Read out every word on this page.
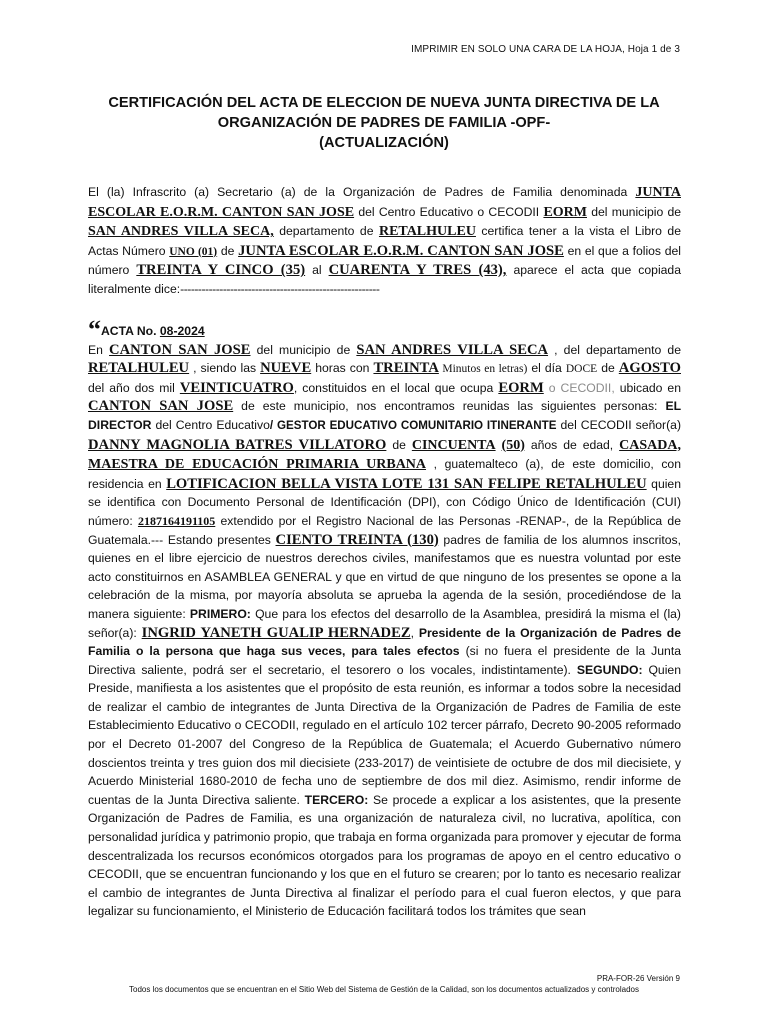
IMPRIMIR EN SOLO UNA CARA DE LA HOJA, Hoja 1 de 3
CERTIFICACIÓN DEL ACTA DE ELECCION DE NUEVA JUNTA DIRECTIVA DE LA
ORGANIZACIÓN DE PADRES DE FAMILIA -OPF-
(ACTUALIZACIÓN)
El (la) Infrascrito (a) Secretario (a) de la Organización de Padres de Familia denominada JUNTA ESCOLAR E.O.R.M. CANTON SAN JOSE del Centro Educativo o CECODII EORM del municipio de SAN ANDRES VILLA SECA, departamento de RETALHULEU certifica tener a la vista el Libro de Actas Número UNO (01) de JUNTA ESCOLAR E.O.R.M. CANTON SAN JOSE en el que a folios del número TREINTA Y CINCO (35) al CUARENTA Y TRES (43), aparece el acta que copiada literalmente dice:--------------------------------------------------------
“ACTA No. 08-2024
En CANTON SAN JOSE del municipio de SAN ANDRES VILLA SECA , del departamento de RETALHULEU , siendo las NUEVE horas con TREINTA Minutos en letras) el día DOCE de AGOSTO del año dos mil VEINTICUATRO, constituidos en el local que ocupa EORM o CECODII, ubicado en CANTON SAN JOSE de este municipio, nos encontramos reunidas las siguientes personas: EL DIRECTOR del Centro Educativo/ GESTOR EDUCATIVO COMUNITARIO ITINERANTE del CECODII señor(a) DANNY MAGNOLIA BATRES VILLATORO de CINCUENTA (50) años de edad, CASADA, MAESTRA DE EDUCACIÓN PRIMARIA URBANA , guatemalteco (a), de este domicilio, con residencia en LOTIFICACION BELLA VISTA LOTE 131 SAN FELIPE RETALHULEU quien se identifica con Documento Personal de Identificación (DPI), con Código Único de Identificación (CUI) número: 2187164191105 extendido por el Registro Nacional de las Personas -RENAP-, de la República de Guatemala.--- Estando presentes CIENTO TREINTA (130) padres de familia de los alumnos inscritos, quienes en el libre ejercicio de nuestros derechos civiles, manifestamos que es nuestra voluntad por este acto constituirnos en ASAMBLEA GENERAL y que en virtud de que ninguno de los presentes se opone a la celebración de la misma, por mayoría absoluta se aprueba la agenda de la sesión, procediéndose de la manera siguiente: PRIMERO: Que para los efectos del desarrollo de la Asamblea, presidirá la misma el (la) señor(a): INGRID YANETH GUALIP HERNADEZ, Presidente de la Organización de Padres de Familia o la persona que haga sus veces, para tales efectos (si no fuera el presidente de la Junta Directiva saliente, podrá ser el secretario, el tesorero o los vocales, indistintamente). SEGUNDO: Quien Preside, manifiesta a los asistentes que el propósito de esta reunión, es informar a todos sobre la necesidad de realizar el cambio de integrantes de Junta Directiva de la Organización de Padres de Familia de este Establecimiento Educativo o CECODII, regulado en el artículo 102 tercer párrafo, Decreto 90-2005 reformado por el Decreto 01-2007 del Congreso de la República de Guatemala; el Acuerdo Gubernativo número doscientos treinta y tres guion dos mil diecisiete (233-2017) de veintisiete de octubre de dos mil diecisiete, y Acuerdo Ministerial 1680-2010 de fecha uno de septiembre de dos mil diez. Asimismo, rendir informe de cuentas de la Junta Directiva saliente. TERCERO: Se procede a explicar a los asistentes, que la presente Organización de Padres de Familia, es una organización de naturaleza civil, no lucrativa, apolítica, con personalidad jurídica y patrimonio propio, que trabaja en forma organizada para promover y ejecutar de forma descentralizada los recursos económicos otorgados para los programas de apoyo en el centro educativo o CECODII, que se encuentran funcionando y los que en el futuro se crearen; por lo tanto es necesario realizar el cambio de integrantes de Junta Directiva al finalizar el período para el cual fueron electos, y que para legalizar su funcionamiento, el Ministerio de Educación facilitará todos los trámites que sean
PRA-FOR-26 Versión 9
Todos los documentos que se encuentran en el Sitio Web del Sistema de Gestión de la Calidad, son los documentos actualizados y controlados
